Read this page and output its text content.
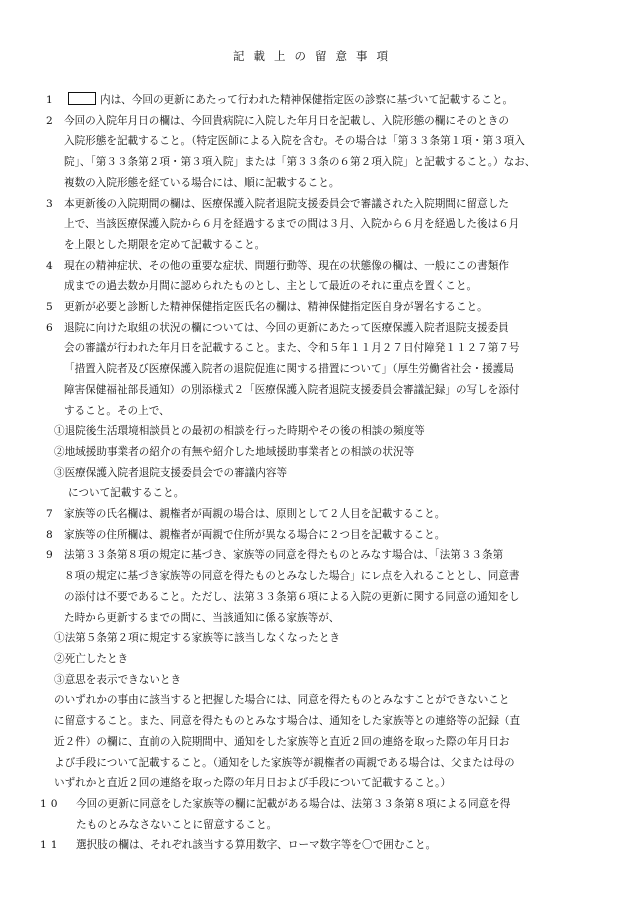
記載上の留意事項
1	内は、今回の更新にあたって行われた精神保健指定医の診察に基づいて記載すること。
2 今回の入院年月日の欄は、今回貴病院に入院した年月日を記載し、入院形態の欄にそのときの
入院形態を記載すること。（特定医師による入院を含む。その場合は「第３３条第１項・第３項入
院」、「第３３条第２項・第３項入院」または「第３３条の６第２項入院」と記載すること。）なお、
複数の入院形態を経ている場合には、順に記載すること。
3 本更新後の入院期間の欄は、医療保護入院者退院支援委員会で審議された入院期間に留意した
上で、当該医療保護入院から６月を経過するまでの間は３月、入院から６月を経過した後は６月
を上限とした期限を定めて記載すること。
4 現在の精神症状、その他の重要な症状、問題行動等、現在の状態像の欄は、一般にこの書類作
成までの過去数か月間に認められたものとし、主として最近のそれに重点を置くこと。
5 更新が必要と診断した精神保健指定医氏名の欄は、精神保健指定医自身が署名すること。
6 退院に向けた取組の状況の欄については、今回の更新にあたって医療保護入院者退院支援委員
会の審議が行われた年月日を記載すること。また、令和５年１１月２７日付障発１１２７第７号
「措置入院者及び医療保護入院者の退院促進に関する措置について」（厚生労働省社会・援護局
障害保健福祉部長通知）の別添様式２「医療保護入院者退院支援委員会審議記録」の写しを添付
すること。その上で、
①退院後生活環境相談員との最初の相談を行った時期やその後の相談の頻度等
②地域援助事業者の紹介の有無や紹介した地域援助事業者との相談の状況等
③医療保護入院者退院支援委員会での審議内容等
について記載すること。
7 家族等の氏名欄は、親権者が両親の場合は、原則として２人目を記載すること。
8 家族等の住所欄は、親権者が両親で住所が異なる場合に２つ目を記載すること。
9 法第３３条第８項の規定に基づき、家族等の同意を得たものとみなす場合は、「法第３３条第
８項の規定に基づき家族等の同意を得たものとみなした場合」にレ点を入れることとし、同意書
の添付は不要であること。ただし、法第３３条第６項による入院の更新に関する同意の通知をし
た時から更新するまでの間に、当該通知に係る家族等が、
①法第５条第２項に規定する家族等に該当しなくなったとき
②死亡したとき
③意思を表示できないとき
のいずれかの事由に該当すると把握した場合には、同意を得たものとみなすことができないこと
に留意すること。また、同意を得たものとみなす場合は、通知をした家族等との連絡等の記録（直
近２件）の欄に、直前の入院期間中、通知をした家族等と直近２回の連絡を取った際の年月日お
よび手段について記載すること。（通知をした家族等が親権者の両親である場合は、父または母の
いずれかと直近２回の連絡を取った際の年月日および手段について記載すること。）
10 今回の更新に同意をした家族等の欄に記載がある場合は、法第３３条第８項による同意を得
たものとみなさないことに留意すること。
11 選択肢の欄は、それぞれ該当する算用数字、ローマ数字等を〇で囲むこと。
